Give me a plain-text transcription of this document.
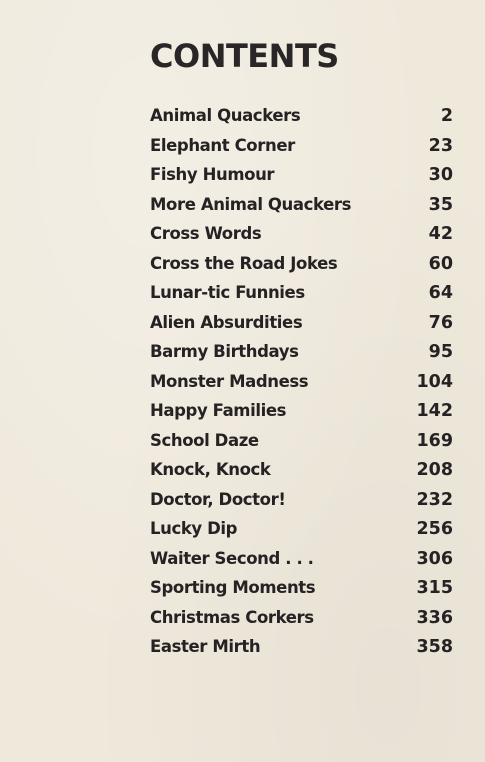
CONTENTS
Animal Quackers	2
Elephant Corner	23
Fishy Humour	30
More Animal Quackers	35
Cross Words	42
Cross the Road Jokes	60
Lunar-tic Funnies	64
Alien Absurdities	76
Barmy Birthdays	95
Monster Madness	104
Happy Families	142
School Daze	169
Knock, Knock	208
Doctor, Doctor!	232
Lucky Dip	256
Waiter Second . . .	306
Sporting Moments	315
Christmas Corkers	336
Easter Mirth	358
